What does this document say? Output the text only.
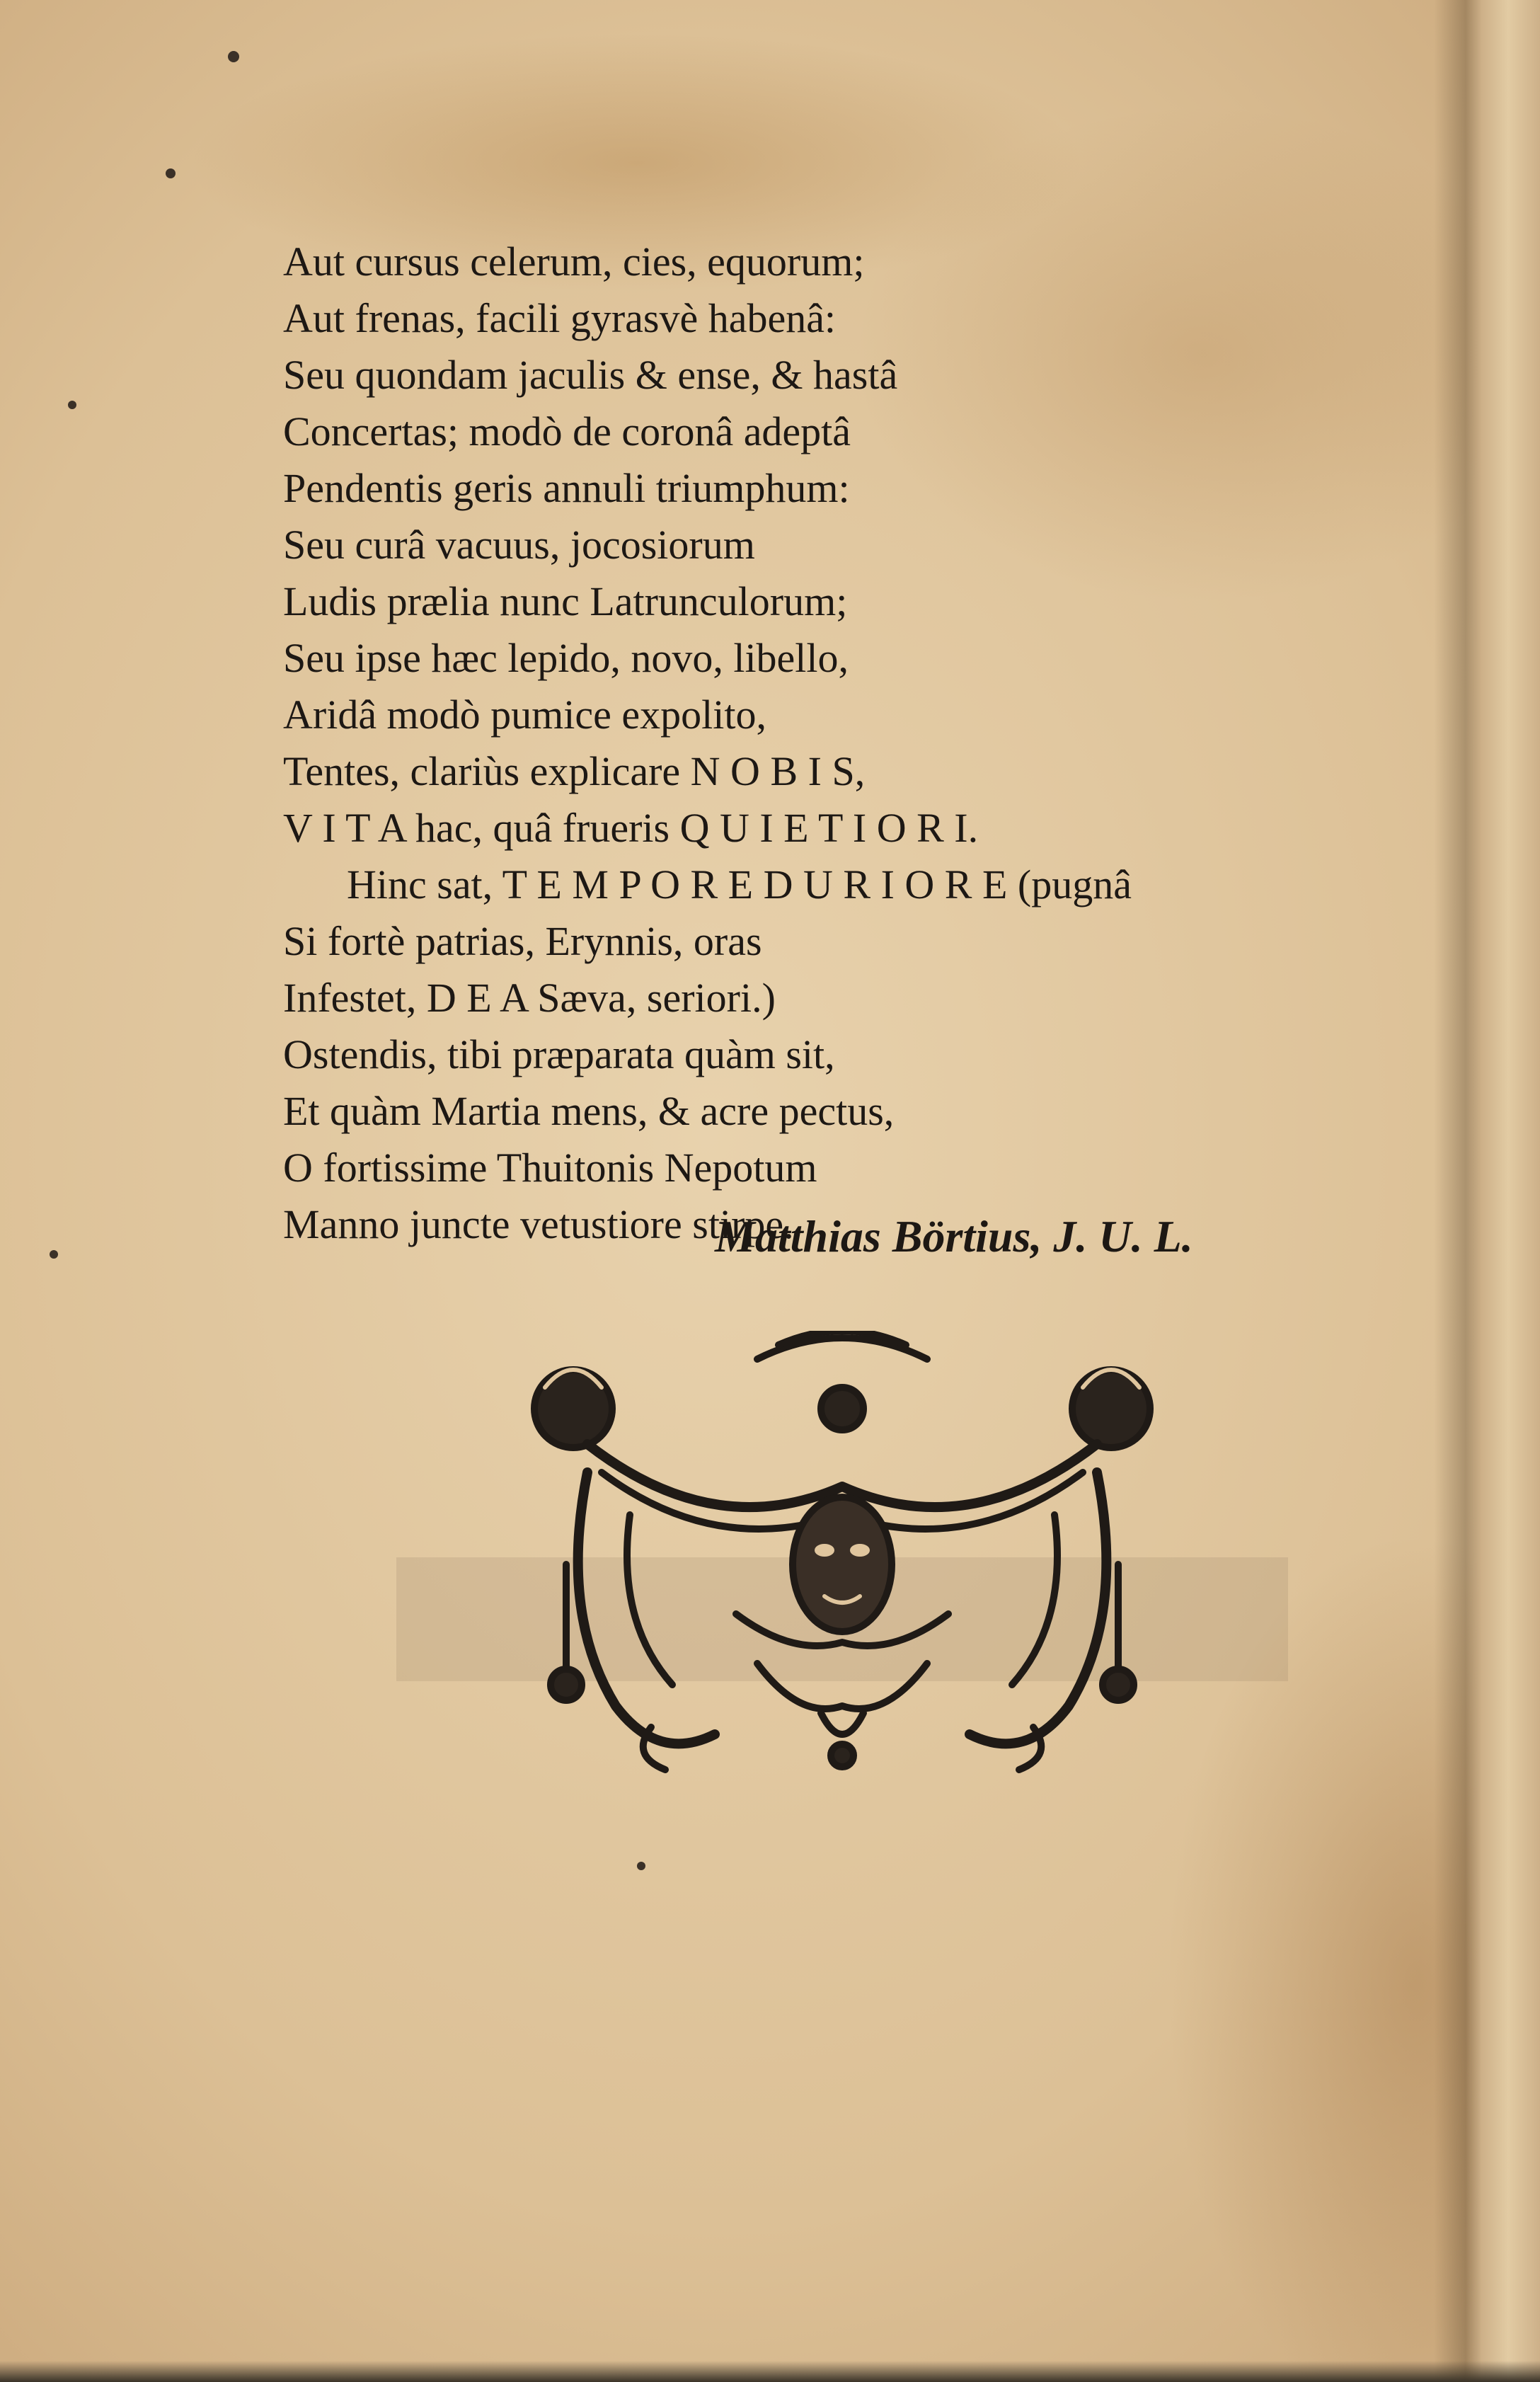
Aut cursus celerum, cies, equorum;
Aut frenas, facili gyrasvè habenâ:
Seu quondam jaculis & ense, & hastâ
Concertas; modò de coronâ adeptâ
Pendentis geris annuli triumphum:
Seu curâ vacuus, jocosiorum
Ludis prælia nunc Latrunculorum;
Seu ipse hæc lepido, novo, libello,
Aridâ modò pumice expolito,
Tentes, clariùs explicare N O B I S,
V I T A hac, quâ frueris Q U I E T I O R I.
Hinc sat, T E M P O R E D U R I O R E (pugnâ
Si fortè patrias, Erynnis, oras
Infestet, D E A Sæva, seriori.)
Ostendis, tibi præparata quàm sit,
Et quàm Martia mens, & acre pectus,
O fortissime Thuitonis Nepotum
Manno juncte vetustiore stirpe.
Matthias Börtius, J. U. L.
